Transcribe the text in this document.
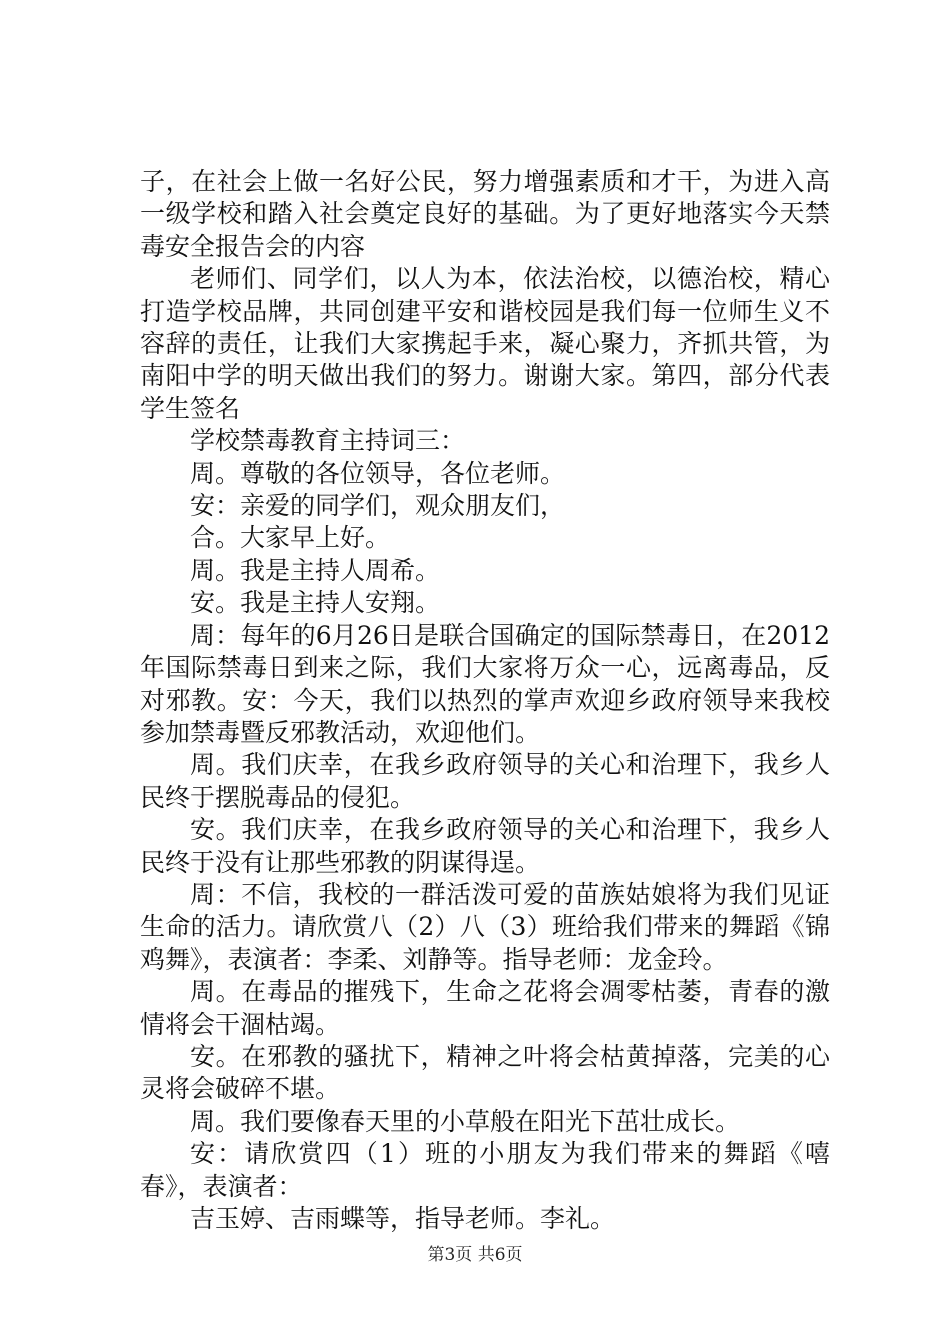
子，在社会上做一名好公民，努力增强素质和才干，为进入高一级学校和踏入社会奠定良好的基础。为了更好地落实今天禁毒安全报告会的内容

老师们、同学们，以人为本，依法治校，以德治校，精心打造学校品牌，共同创建平安和谐校园是我们每一位师生义不容辞的责任，让我们大家携起手来，凝心聚力，齐抓共管，为南阳中学的明天做出我们的努力。谢谢大家。第四，部分代表学生签名

学校禁毒教育主持词三：

周。尊敬的各位领导，各位老师。

安：亲爱的同学们，观众朋友们，

合。大家早上好。

周。我是主持人周希。

安。我是主持人安翔。

周：每年的6月26日是联合国确定的国际禁毒日，在2012年国际禁毒日到来之际，我们大家将万众一心，远离毒品，反对邪教。安：今天，我们以热烈的掌声欢迎乡政府领导来我校参加禁毒暨反邪教活动，欢迎他们。

周。我们庆幸，在我乡政府领导的关心和治理下，我乡人民终于摆脱毒品的侵犯。

安。我们庆幸，在我乡政府领导的关心和治理下，我乡人民终于没有让那些邪教的阴谋得逞。

周：不信，我校的一群活泼可爱的苗族姑娘将为我们见证生命的活力。请欣赏八（2）八（3）班给我们带来的舞蹈《锦鸡舞》，表演者：李柔、刘静等。指导老师：龙金玲。

周。在毒品的摧残下，生命之花将会凋零枯萎，青春的激情将会干涸枯竭。

安。在邪教的骚扰下，精神之叶将会枯黄掉落，完美的心灵将会破碎不堪。

周。我们要像春天里的小草般在阳光下茁壮成长。

安：请欣赏四（1）班的小朋友为我们带来的舞蹈《嘻春》，表演者：

吉玉婷、吉雨蝶等，指导老师。李礼。

第3页 共6页
